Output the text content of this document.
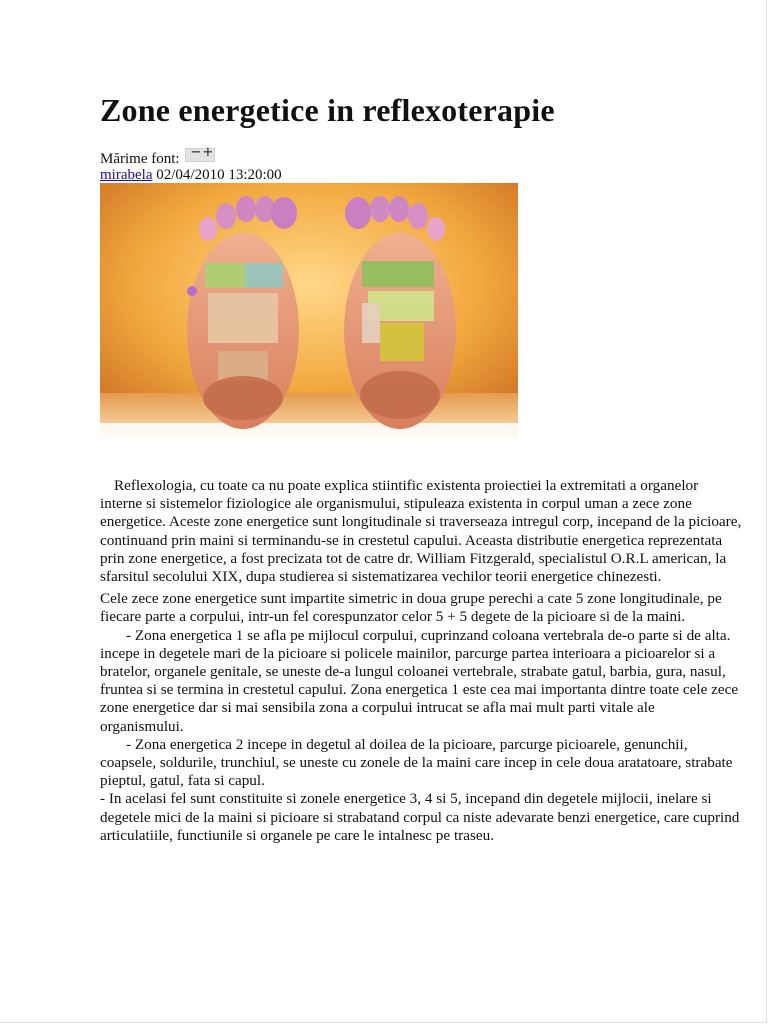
Zone energetice in reflexoterapie
Mărime font: − +
mirabela 02/04/2010 13:20:00

Reflexologia, cu toate ca nu poate explica stiintific existenta proiectiei la extremitati a organelor interne si sistemelor fiziologice ale organismului, stipuleaza existenta in corpul uman a zece zone energetice. Aceste zone energetice sunt longitudinale si traverseaza intregul corp, incepand de la picioare, continuand prin maini si terminandu-se in crestetul capului. Aceasta distributie energetica reprezentata prin zone energetice, a fost precizata tot de catre dr. William Fitzgerald, specialistul O.R.L american, la sfarsitul secolului XIX, dupa studierea si sistematizarea vechilor teorii energetice chinezesti.

Cele zece zone energetice sunt impartite simetric in doua grupe perechi a cate 5 zone longitudinale, pe fiecare parte a corpului, intr-un fel corespunzator celor 5 + 5 degete de la picioare si de la maini.

- Zona energetica 1 se afla pe mijlocul corpului, cuprinzand coloana vertebrala de-o parte si de alta. incepe in degetele mari de la picioare si policele mainilor, parcurge partea interioara a picioarelor si a bratelor, organele genitale, se uneste de-a lungul coloanei vertebrale, strabate gatul, barbia, gura, nasul, fruntea si se termina in crestetul capului. Zona energetica 1 este cea mai importanta dintre toate cele zece zone energetice dar si mai sensibila zona a corpului intrucat se afla mai mult parti vitale ale organismului.

- Zona energetica 2 incepe in degetul al doilea de la picioare, parcurge picioarele, genunchii, coapsele, soldurile, trunchiul, se uneste cu zonele de la maini care incep in cele doua aratatoare, strabate pieptul, gatul, fata si capul.

- In acelasi fel sunt constituite si zonele energetice 3, 4 si 5, incepand din degetele mijlocii, inelare si degetele mici de la maini si picioare si strabatand corpul ca niste adevarate benzi energetice, care cuprind articulatiile, functiunile si organele pe care le intalnesc pe traseu.
